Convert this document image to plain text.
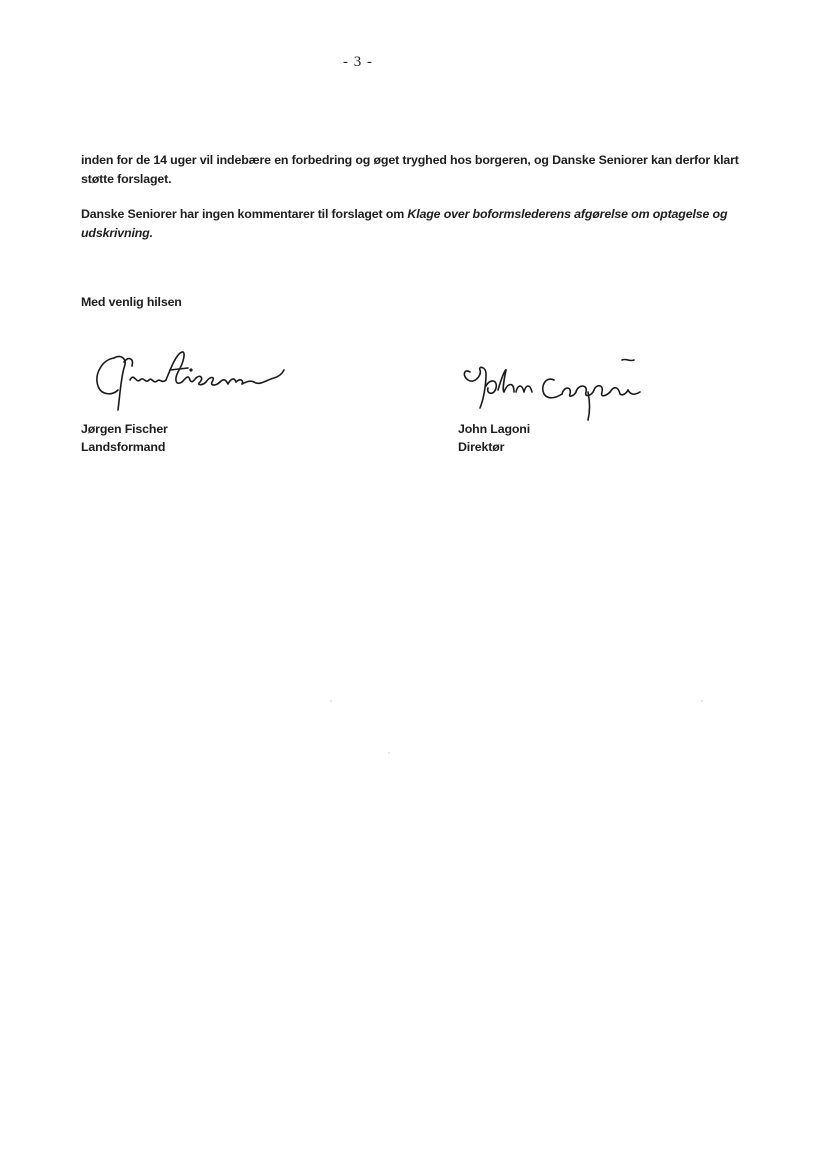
- 3 -

inden for de 14 uger vil indebære en forbedring og øget tryghed hos borgeren, og Danske Seniorer kan derfor klart støtte forslaget.

Danske Seniorer har ingen kommentarer til forslaget om Klage over boformslederens afgørelse om optagelse og udskrivning.

Med venlig hilsen
Jørgen Fischer
Landsformand
John Lagoni
Direktør
